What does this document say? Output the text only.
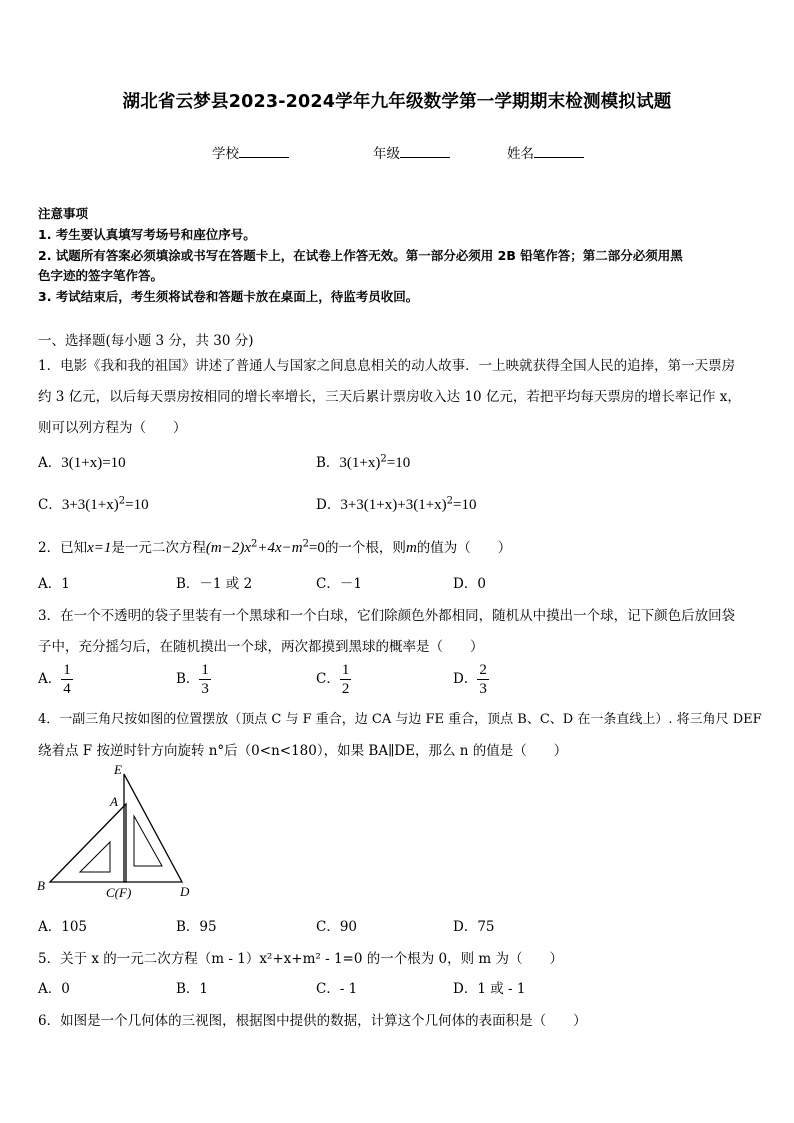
湖北省云梦县2023-2024学年九年级数学第一学期期末检测模拟试题
学校	年级	姓名
注意事项
1. 考生要认真填写考场号和座位序号。
2. 试题所有答案必须填涂或书写在答题卡上，在试卷上作答无效。第一部分必须用 2B 铅笔作答；第二部分必须用黑
色字迹的签字笔作答。
3. 考试结束后，考生须将试卷和答题卡放在桌面上，待监考员收回。
一、选择题(每小题 3 分，共 30 分)
1．电影《我和我的祖国》讲述了普通人与国家之间息息相关的动人故事．一上映就获得全国人民的追捧，第一天票房
约 3 亿元，以后每天票房按相同的增长率增长，三天后累计票房收入达 10 亿元，若把平均每天票房的增长率记作 x，
则可以列方程为（　　）
A．3(1+x)=10	B．$3(1+x)^2=10$
C．$3+3(1+x)^2=10$	D．$3+3(1+x)+3(1+x)^2=10$
2．已知x=1是一元二次方程$(m-2)x^2+4x-m^2=0$的一个根，则m的值为（　　）
A．1	B．－1 或 2	C．－1	D．0
3．在一个不透明的袋子里装有一个黑球和一个白球，它们除颜色外都相同，随机从中摸出一个球，记下颜色后放回袋
子中，充分摇匀后，在随机摸出一个球，两次都摸到黑球的概率是（　　）
A． $\frac{1}{4}$	B． $\frac{1}{3}$	C． $\frac{1}{2}$	D． $\frac{2}{3}$
4．一副三角尺按如图的位置摆放（顶点 C 与 F 重合，边 CA 与边 FE 重合，顶点 B、C、D 在一条直线上）. 将三角尺 DEF
绕着点 F 按逆时针方向旋转 n°后（0<n<180），如果 BA∥DE，那么 n 的值是（　　）
E
A
B	C(F)	D
A．105	B．95	C．90	D．75
5．关于 x 的一元二次方程（m - 1）x²+x+m² - 1=0 的一个根为 0，则 m 为（　　）
A．0	B．1	C．- 1	D．1 或 - 1
6．如图是一个几何体的三视图，根据图中提供的数据，计算这个几何体的表面积是（　　）
